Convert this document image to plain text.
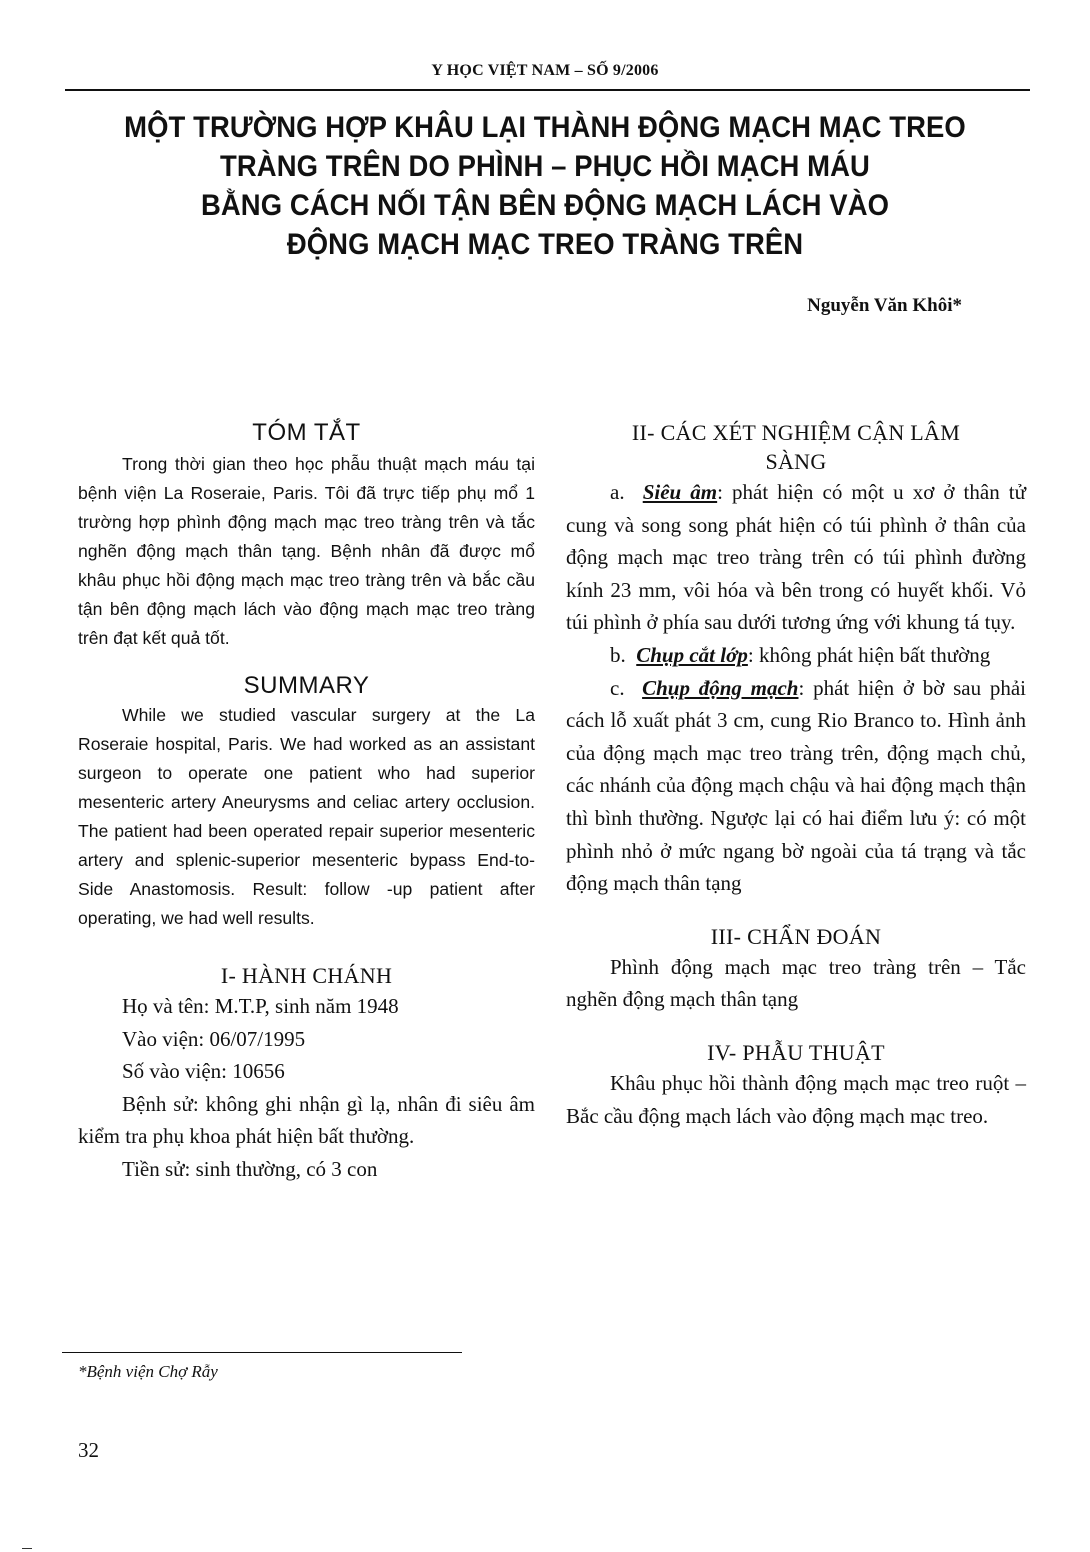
Y HỌC VIỆT NAM – SỐ 9/2006
MỘT TRƯỜNG HỢP KHÂU LẠI THÀNH ĐỘNG MẠCH MẠC TREO
TRÀNG TRÊN DO PHÌNH – PHỤC HỒI MẠCH MÁU
BẰNG CÁCH NỐI TẬN BÊN ĐỘNG MẠCH LÁCH VÀO
ĐỘNG MẠCH MẠC TREO TRÀNG TRÊN
Nguyễn Văn Khôi*
TÓM TẮT

Trong thời gian theo học phẫu thuật mạch máu tại bệnh viện La Roseraie, Paris. Tôi đã trực tiếp phụ mổ 1 trường hợp phình động mạch mạc treo tràng trên và tắc nghẽn động mạch thân tạng. Bệnh nhân đã được mổ khâu phục hồi động mạch mạc treo tràng trên và bắc cầu tận bên động mạch lách vào động mạch mạc treo tràng trên đạt kết quả tốt.

SUMMARY

While we studied vascular surgery at the La Roseraie hospital, Paris. We had worked as an assistant surgeon to operate one patient who had superior mesenteric artery Aneurysms and celiac artery occlusion. The patient had been operated repair superior mesenteric artery and splenic-superior mesenteric bypass End-to-Side Anastomosis. Result: follow -up patient after operating, we had well results.

I- HÀNH CHÁNH

Họ và tên: M.T.P, sinh năm 1948

Vào viện: 06/07/1995

Số vào viện: 10656

Bệnh sử: không ghi nhận gì lạ, nhân đi siêu âm kiểm tra phụ khoa phát hiện bất thường.

Tiền sử: sinh thường, có 3 con

II- CÁC XÉT NGHIỆM CẬN LÂM
SÀNG

a. Siêu âm: phát hiện có một u xơ ở thân tử cung và song song phát hiện có túi phình ở thân của động mạch mạc treo tràng trên có túi phình đường kính 23 mm, vôi hóa và bên trong có huyết khối. Vỏ túi phình ở phía sau dưới tương ứng với khung tá tụy.

b. Chụp cắt lớp: không phát hiện bất thường

c. Chụp động mạch: phát hiện ở bờ sau phải cách lỗ xuất phát 3 cm, cung Rio Branco to. Hình ảnh của động mạch mạc treo tràng trên, động mạch chủ, các nhánh của động mạch chậu và hai động mạch thận thì bình thường. Ngược lại có hai điểm lưu ý: có một phình nhỏ ở mức ngang bờ ngoài của tá trạng và tắc động mạch thân tạng

III- CHẨN ĐOÁN

Phình động mạch mạc treo tràng trên – Tắc nghẽn động mạch thân tạng

IV- PHẪU THUẬT

Khâu phục hồi thành động mạch mạc treo ruột – Bắc cầu động mạch lách vào động mạch mạc treo.

*Bệnh viện Chợ Rẫy
32
